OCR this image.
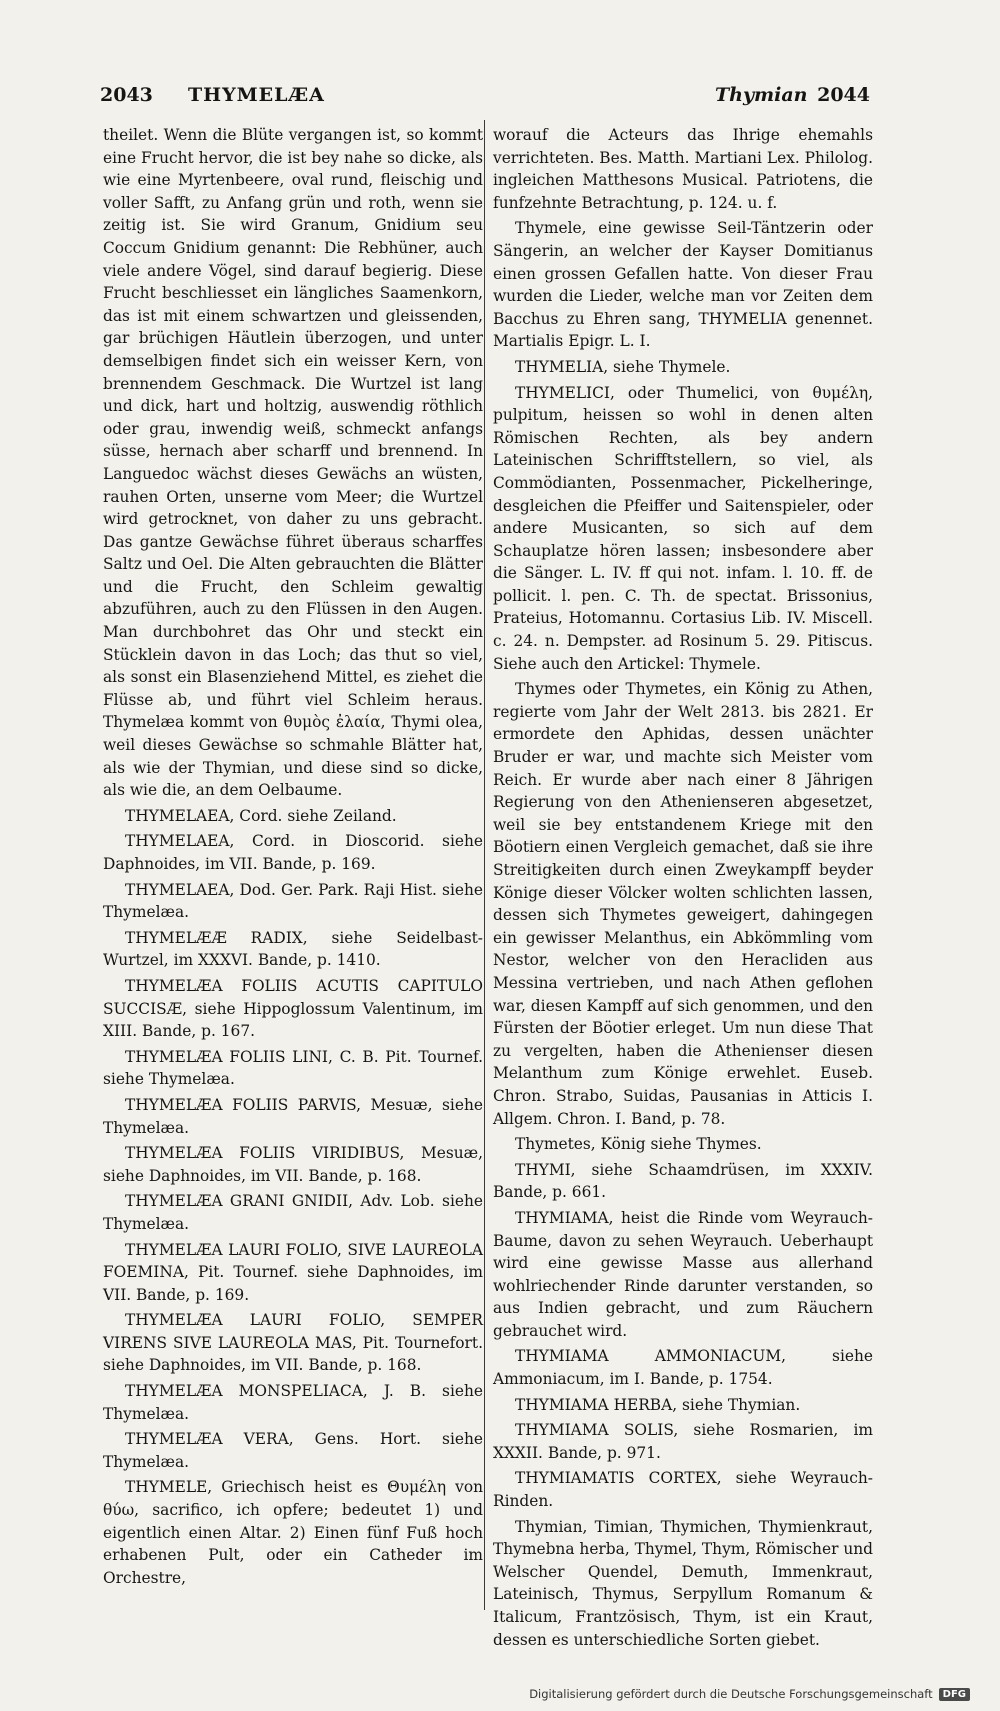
2043 THYMELÆA	Thymian 2044

theilet. Wenn die Blüte vergangen ist, so kommt eine Frucht hervor, die ist bey nahe so dicke, als wie eine Myrtenbeere, oval rund, fleischig und voller Safft, zu Anfang grün und roth, wenn sie zeitig ist. Sie wird Granum, Gnidium seu Coccum Gnidium genannt: Die Rebhüner, auch viele andere Vögel, sind darauf begierig. Diese Frucht beschliesset ein längliches Saamenkorn, das ist mit einem schwartzen und gleissenden, gar brüchigen Häutlein überzogen, und unter demselbigen findet sich ein weisser Kern, von brennendem Geschmack. Die Wurtzel ist lang und dick, hart und holtzig, auswendig röthlich oder grau, inwendig weiß, schmeckt anfangs süsse, hernach aber scharff und brennend. In Languedoc wächst dieses Gewächs an wüsten, rauhen Orten, unserne vom Meer; die Wurtzel wird getrocknet, von daher zu uns gebracht. Das gantze Gewächse führet überaus scharffes Saltz und Oel. Die Alten gebrauchten die Blätter und die Frucht, den Schleim gewaltig abzuführen, auch zu den Flüssen in den Augen. Man durchbohret das Ohr und steckt ein Stücklein davon in das Loch; das thut so viel, als sonst ein Blasenziehend Mittel, es ziehet die Flüsse ab, und führt viel Schleim heraus. Thymelæa kommt von θυμὸς ἐλαία, Thymi olea, weil dieses Gewächse so schmahle Blätter hat, als wie der Thymian, und diese sind so dicke, als wie die, an dem Oelbaume.

THYMELAEA, Cord. siehe Zeiland.

THYMELAEA, Cord. in Dioscorid. siehe Daphnoides, im VII. Bande, p. 169.

THYMELAEA, Dod. Ger. Park. Raji Hist. siehe Thymelæa.

THYMELÆÆ RADIX, siehe Seidelbast-Wurtzel, im XXXVI. Bande, p. 1410.

THYMELÆA FOLIIS ACUTIS CAPITULO SUCCISÆ, siehe Hippoglossum Valentinum, im XIII. Bande, p. 167.

THYMELÆA FOLIIS LINI, C. B. Pit. Tournef. siehe Thymelæa.

THYMELÆA FOLIIS PARVIS, Mesuæ, siehe Thymelæa.

THYMELÆA FOLIIS VIRIDIBUS, Mesuæ, siehe Daphnoides, im VII. Bande, p. 168.

THYMELÆA GRANI GNIDII, Adv. Lob. siehe Thymelæa.

THYMELÆA LAURI FOLIO, SIVE LAUREOLA FOEMINA, Pit. Tournef. siehe Daphnoides, im VII. Bande, p. 169.

THYMELÆA LAURI FOLIO, SEMPER VIRENS SIVE LAUREOLA MAS, Pit. Tournefort. siehe Daphnoides, im VII. Bande, p. 168.

THYMELÆA MONSPELIACA, J. B. siehe Thymelæa.

THYMELÆA VERA, Gens. Hort. siehe Thymelæa.

THYMELE, Griechisch heist es Θυμέλη von θύω, sacrifico, ich opfere; bedeutet 1) und eigentlich einen Altar. 2) Einen fünf Fuß hoch erhabenen Pult, oder ein Catheder im Orchestre,

worauf die Acteurs das Ihrige ehemahls verrichteten. Bes. Matth. Martiani Lex. Philolog. ingleichen Matthesons Musical. Patriotens, die funfzehnte Betrachtung, p. 124. u. f.

Thymele, eine gewisse Seil-Täntzerin oder Sängerin, an welcher der Kayser Domitianus einen grossen Gefallen hatte. Von dieser Frau wurden die Lieder, welche man vor Zeiten dem Bacchus zu Ehren sang, THYMELIA genennet. Martialis Epigr. L. I.

THYMELIA, siehe Thymele.

THYMELICI, oder Thumelici, von θυμέλη, pulpitum, heissen so wohl in denen alten Römischen Rechten, als bey andern Lateinischen Schrifftstellern, so viel, als Commödianten, Possenmacher, Pickelheringe, desgleichen die Pfeiffer und Saitenspieler, oder andere Musicanten, so sich auf dem Schauplatze hören lassen; insbesondere aber die Sänger. L. IV. ff qui not. infam. l. 10. ff. de pollicit. l. pen. C. Th. de spectat. Brissonius, Prateius, Hotomannu. Cortasius Lib. IV. Miscell. c. 24. n. Dempster. ad Rosinum 5. 29. Pitiscus. Siehe auch den Artickel: Thymele.

Thymes oder Thymetes, ein König zu Athen, regierte vom Jahr der Welt 2813. bis 2821. Er ermordete den Aphidas, dessen unächter Bruder er war, und machte sich Meister vom Reich. Er wurde aber nach einer 8 Jährigen Regierung von den Athenienseren abgesetzet, weil sie bey entstandenem Kriege mit den Böotiern einen Vergleich gemachet, daß sie ihre Streitigkeiten durch einen Zweykampff beyder Könige dieser Völcker wolten schlichten lassen, dessen sich Thymetes geweigert, dahingegen ein gewisser Melanthus, ein Abkömmling vom Nestor, welcher von den Heracliden aus Messina vertrieben, und nach Athen geflohen war, diesen Kampff auf sich genommen, und den Fürsten der Böotier erleget. Um nun diese That zu vergelten, haben die Athenienser diesen Melanthum zum Könige erwehlet. Euseb. Chron. Strabo, Suidas, Pausanias in Atticis I. Allgem. Chron. I. Band, p. 78.

Thymetes, König siehe Thymes.

THYMI, siehe Schaamdrüsen, im XXXIV. Bande, p. 661.

THYMIAMA, heist die Rinde vom Weyrauch-Baume, davon zu sehen Weyrauch. Ueberhaupt wird eine gewisse Masse aus allerhand wohlriechender Rinde darunter verstanden, so aus Indien gebracht, und zum Räuchern gebrauchet wird.

THYMIAMA AMMONIACUM, siehe Ammoniacum, im I. Bande, p. 1754.

THYMIAMA HERBA, siehe Thymian.

THYMIAMA SOLIS, siehe Rosmarien, im XXXII. Bande, p. 971.

THYMIAMATIS CORTEX, siehe Weyrauch-Rinden.

Thymian, Timian, Thymichen, Thymienkraut, Thymebna herba, Thymel, Thym, Römischer und Welscher Quendel, Demuth, Immenkraut, Lateinisch, Thymus, Serpyllum Romanum & Italicum, Frantzösisch, Thym, ist ein Kraut, dessen es unterschiedliche Sorten giebet.

Digitalisierung gefördert durch die Deutsche Forschungsgemeinschaft DFG
